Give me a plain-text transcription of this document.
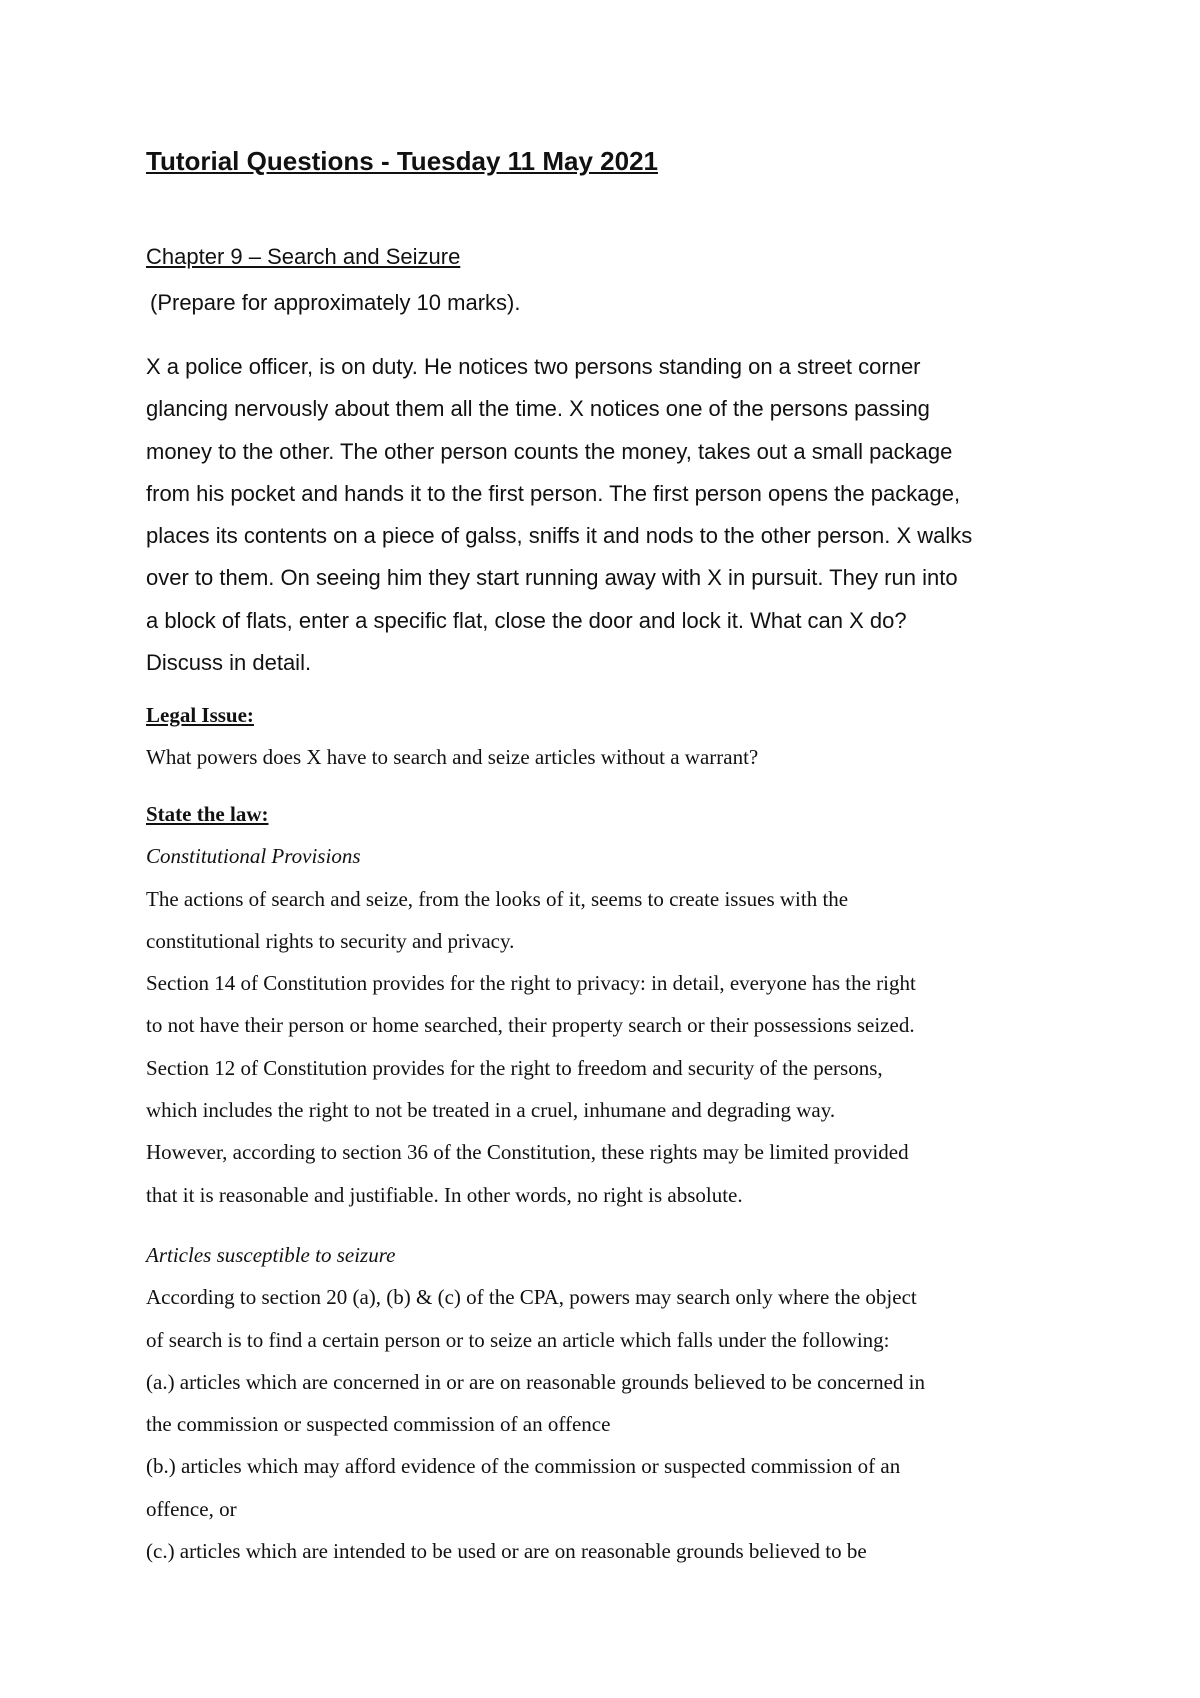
Tutorial Questions - Tuesday 11 May 2021
Chapter 9 – Search and Seizure
(Prepare for approximately 10 marks).
X a police officer, is on duty. He notices two persons standing on a street corner
glancing nervously about them all the time. X notices one of the persons passing
money to the other. The other person counts the money, takes out a small package
from his pocket and hands it to the first person. The first person opens the package,
places its contents on a piece of galss, sniffs it and nods to the other person. X walks
over to them. On seeing him they start running away with X in pursuit. They run into
a block of flats, enter a specific flat, close the door and lock it. What can X do?
Discuss in detail.
Legal Issue:
What powers does X have to search and seize articles without a warrant?
State the law:
Constitutional Provisions
The actions of search and seize, from the looks of it, seems to create issues with the
constitutional rights to security and privacy.
Section 14 of Constitution provides for the right to privacy: in detail, everyone has the right
to not have their person or home searched, their property search or their possessions seized.
Section 12 of Constitution provides for the right to freedom and security of the persons,
which includes the right to not be treated in a cruel, inhumane and degrading way.
However, according to section 36 of the Constitution, these rights may be limited provided
that it is reasonable and justifiable. In other words, no right is absolute.
Articles susceptible to seizure
According to section 20 (a), (b) & (c) of the CPA, powers may search only where the object
of search is to find a certain person or to seize an article which falls under the following:
(a.) articles which are concerned in or are on reasonable grounds believed to be concerned in
the commission or suspected commission of an offence
(b.) articles which may afford evidence of the commission or suspected commission of an
offence, or
(c.) articles which are intended to be used or are on reasonable grounds believed to be
